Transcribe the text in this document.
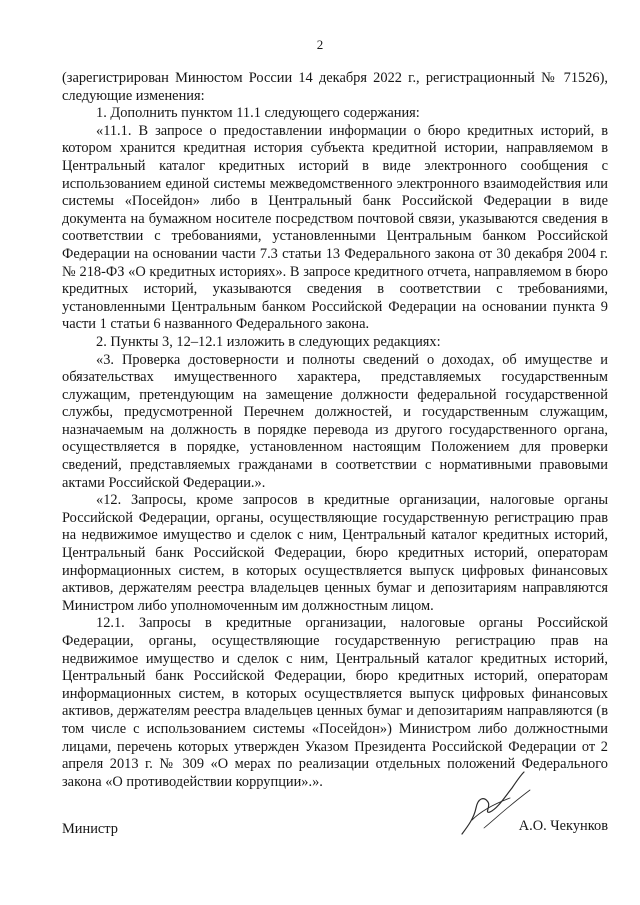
2

(зарегистрирован Минюстом России 14 декабря 2022 г., регистрационный № 71526), следующие изменения:

1. Дополнить пунктом 11.1 следующего содержания:

«11.1. В запросе о предоставлении информации о бюро кредитных историй, в котором хранится кредитная история субъекта кредитной истории, направляемом в Центральный каталог кредитных историй в виде электронного сообщения с использованием единой системы межведомственного электронного взаимодействия или системы «Посейдон» либо в Центральный банк Российской Федерации в виде документа на бумажном носителе посредством почтовой связи, указываются сведения в соответствии с требованиями, установленными Центральным банком Российской Федерации на основании части 7.3 статьи 13 Федерального закона от 30 декабря 2004 г. № 218-ФЗ «О кредитных историях». В запросе кредитного отчета, направляемом в бюро кредитных историй, указываются сведения в соответствии с требованиями, установленными Центральным банком Российской Федерации на основании пункта 9 части 1 статьи 6 названного Федерального закона.

2. Пункты 3, 12–12.1 изложить в следующих редакциях:

«3. Проверка достоверности и полноты сведений о доходах, об имуществе и обязательствах имущественного характера, представляемых государственным служащим, претендующим на замещение должности федеральной государственной службы, предусмотренной Перечнем должностей, и государственным служащим, назначаемым на должность в порядке перевода из другого государственного органа, осуществляется в порядке, установленном настоящим Положением для проверки сведений, представляемых гражданами в соответствии с нормативными правовыми актами Российской Федерации.».

«12. Запросы, кроме запросов в кредитные организации, налоговые органы Российской Федерации, органы, осуществляющие государственную регистрацию прав на недвижимое имущество и сделок с ним, Центральный каталог кредитных историй, Центральный банк Российской Федерации, бюро кредитных историй, операторам информационных систем, в которых осуществляется выпуск цифровых финансовых активов, держателям реестра владельцев ценных бумаг и депозитариям направляются Министром либо уполномоченным им должностным лицом.

12.1. Запросы в кредитные организации, налоговые органы Российской Федерации, органы, осуществляющие государственную регистрацию прав на недвижимое имущество и сделок с ним, Центральный каталог кредитных историй, Центральный банк Российской Федерации, бюро кредитных историй, операторам информационных систем, в которых осуществляется выпуск цифровых финансовых активов, держателям реестра владельцев ценных бумаг и депозитариям направляются (в том числе с использованием системы «Посейдон») Министром либо должностными лицами, перечень которых утвержден Указом Президента Российской Федерации от 2 апреля 2013 г. № 309 «О мерах по реализации отдельных положений Федерального закона «О противодействии коррупции».».

Министр	А.О. Чекунков
